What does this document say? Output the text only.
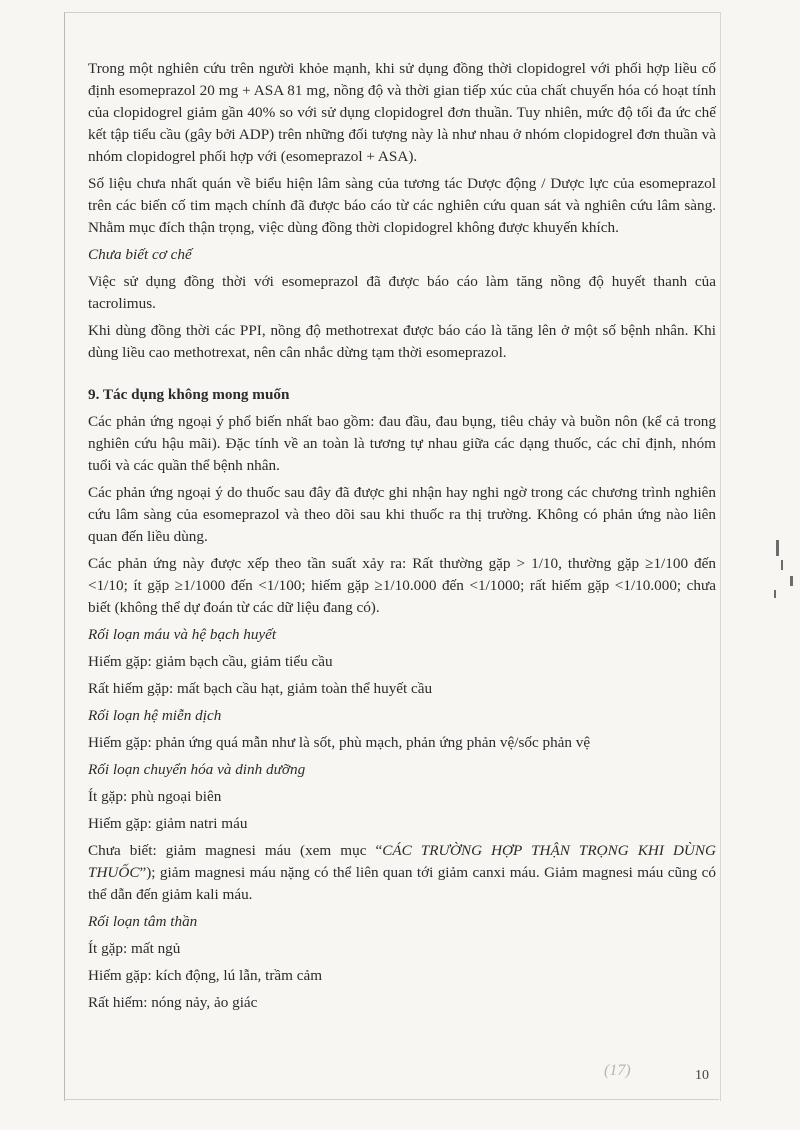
Trong một nghiên cứu trên người khỏe mạnh, khi sử dụng đồng thời clopidogrel với phối hợp liều cố định esomeprazol 20 mg + ASA 81 mg, nồng độ và thời gian tiếp xúc của chất chuyển hóa có hoạt tính của clopidogrel giảm gần 40% so với sử dụng clopidogrel đơn thuần. Tuy nhiên, mức độ tối đa ức chế kết tập tiểu cầu (gây bởi ADP) trên những đối tượng này là như nhau ở nhóm clopidogrel đơn thuần và nhóm clopidogrel phối hợp với (esomeprazol + ASA).

Số liệu chưa nhất quán về biểu hiện lâm sàng của tương tác Dược động / Dược lực của esomeprazol trên các biến cố tim mạch chính đã được báo cáo từ các nghiên cứu quan sát và nghiên cứu lâm sàng. Nhằm mục đích thận trọng, việc dùng đồng thời clopidogrel không được khuyến khích.

Chưa biết cơ chế

Việc sử dụng đồng thời với esomeprazol đã được báo cáo làm tăng nồng độ huyết thanh của tacrolimus.

Khi dùng đồng thời các PPI, nồng độ methotrexat được báo cáo là tăng lên ở một số bệnh nhân. Khi dùng liều cao methotrexat, nên cân nhắc dừng tạm thời esomeprazol.

9. Tác dụng không mong muốn

Các phản ứng ngoại ý phổ biến nhất bao gồm: đau đầu, đau bụng, tiêu chảy và buồn nôn (kể cả trong nghiên cứu hậu mãi). Đặc tính về an toàn là tương tự nhau giữa các dạng thuốc, các chỉ định, nhóm tuổi và các quần thể bệnh nhân.

Các phản ứng ngoại ý do thuốc sau đây đã được ghi nhận hay nghi ngờ trong các chương trình nghiên cứu lâm sàng của esomeprazol và theo dõi sau khi thuốc ra thị trường. Không có phản ứng nào liên quan đến liều dùng.

Các phản ứng này được xếp theo tần suất xảy ra: Rất thường gặp > 1/10, thường gặp ≥1/100 đến <1/10; ít gặp ≥1/1000 đến <1/100; hiếm gặp ≥1/10.000 đến <1/1000; rất hiếm gặp <1/10.000; chưa biết (không thể dự đoán từ các dữ liệu đang có).

Rối loạn máu và hệ bạch huyết

Hiếm gặp: giảm bạch cầu, giảm tiểu cầu

Rất hiếm gặp: mất bạch cầu hạt, giảm toàn thể huyết cầu

Rối loạn hệ miễn dịch

Hiếm gặp: phản ứng quá mẫn như là sốt, phù mạch, phản ứng phản vệ/sốc phản vệ

Rối loạn chuyển hóa và dinh dưỡng

Ít gặp: phù ngoại biên

Hiếm gặp: giảm natri máu

Chưa biết: giảm magnesi máu (xem mục “CÁC TRƯỜNG HỢP THẬN TRỌNG KHI DÙNG THUỐC”); giảm magnesi máu nặng có thể liên quan tới giảm canxi máu. Giảm magnesi máu cũng có thể dẫn đến giảm kali máu.

Rối loạn tâm thần

Ít gặp: mất ngủ

Hiếm gặp: kích động, lú lẫn, trầm cảm

Rất hiếm: nóng nảy, ảo giác

(17)	10
